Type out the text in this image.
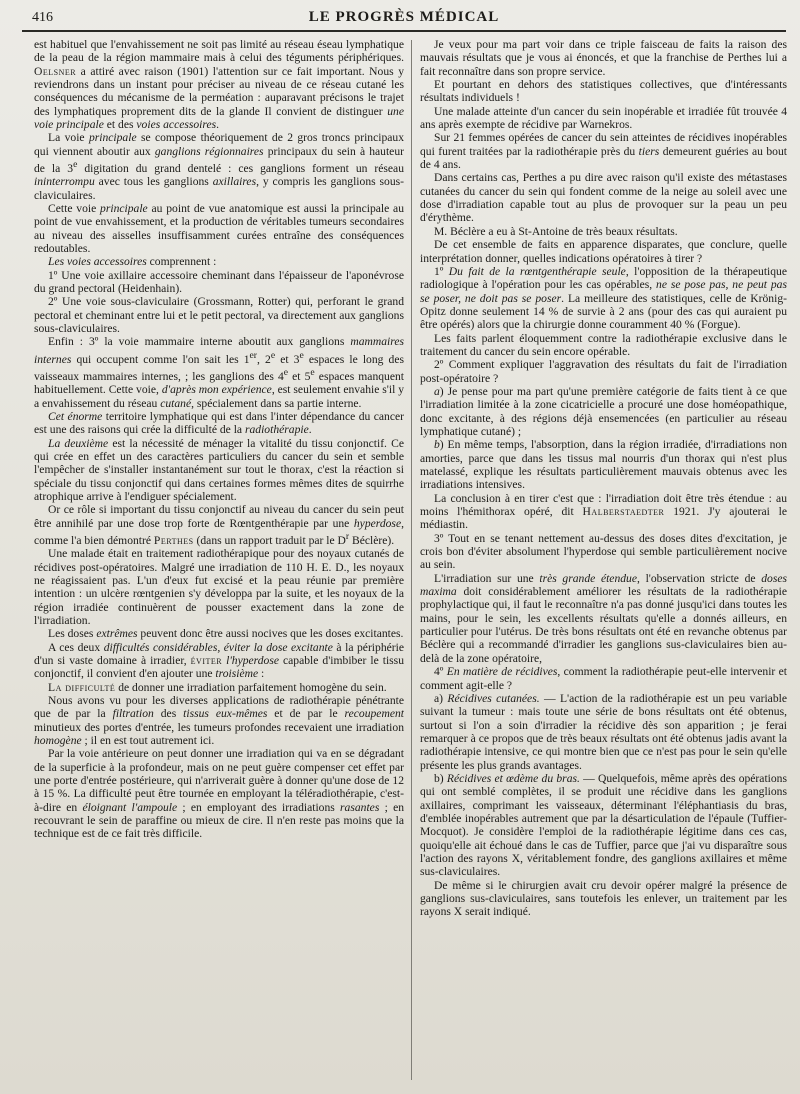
416	LE PROGRÈS MÉDICAL

est habituel que l'envahissement ne soit pas limité au réseau éseau lymphatique de la peau de la région mammaire mais à celui des téguments périphériques. Oelsner a attiré avec raison (1901) l'attention sur ce fait important. Nous y reviendrons dans un instant pour préciser au niveau de ce réseau cutané les conséquences du mécanisme de la perméation : auparavant précisons le trajet des lymphatiques proprement dits de la glande Il convient de distinguer une voie principale et des voies accessoires.

La voie principale se compose théoriquement de 2 gros troncs principaux qui viennent aboutir aux ganglions régionnaires principaux du sein à hauteur de la 3e digitation du grand dentelé : ces ganglions forment un réseau ininterrompu avec tous les ganglions axillaires, y compris les ganglions sous-claviculaires.

Cette voie principale au point de vue anatomique est aussi la principale au point de vue envahissement, et la production de véritables tumeurs secondaires au niveau des aisselles insuffisamment curées entraîne des conséquences redoutables.

Les voies accessoires comprennent :

1º Une voie axillaire accessoire cheminant dans l'épaisseur de l'aponévrose du grand pectoral (Heidenhain).

2º Une voie sous-claviculaire (Grossmann, Rotter) qui, perforant le grand pectoral et cheminant entre lui et le petit pectoral, va directement aux ganglions sous-claviculaires.

Enfin : 3º la voie mammaire interne aboutit aux ganglions mammaires internes qui occupent comme l'on sait les 1er, 2e et 3e espaces le long des vaisseaux mammaires internes, ; les ganglions des 4e et 5e espaces manquent habituellement. Cette voie, d'après mon expérience, est seulement envahie s'il y a envahissement du réseau cutané, spécialement dans sa partie interne.

Cet énorme territoire lymphatique qui est dans l'inter dépendance du cancer est une des raisons qui crée la difficulté de la radiothérapie.

La deuxième est la nécessité de ménager la vitalité du tissu conjonctif. Ce qui crée en effet un des caractères particuliers du cancer du sein et semble l'empêcher de s'installer instantanément sur tout le thorax, c'est la réaction si spéciale du tissu conjonctif qui dans certaines formes mêmes dites de squirrhe atrophique arrive à l'endiguer spécialement.

Or ce rôle si important du tissu conjonctif au niveau du cancer du sein peut être annihilé par une dose trop forte de Rœntgenthérapie par une hyperdose, comme l'a bien démontré Perthes (dans un rapport traduit par le $D^r$ Béclère).

Une malade était en traitement radiothérapique pour des noyaux cutanés de récidives post-opératoires. Malgré une irradiation de 110 H. E. D., les noyaux ne réagissaient pas. L'un d'eux fut excisé et la peau réunie par première intention : un ulcère rœntgenien s'y développa par la suite, et les noyaux de la région irradiée continuèrent de pousser exactement dans la zone de l'irradiation.

Les doses extrêmes peuvent donc être aussi nocives que les doses excitantes.

A ces deux difficultés considérables, éviter la dose excitante à la périphérie d'un si vaste domaine à irradier, éviter l'hyperdose capable d'imbiber le tissu conjonctif, il convient d'en ajouter une troisième :

La difficulté de donner une irradiation parfaitement homogène du sein.

Nous avons vu pour les diverses applications de radiothérapie pénétrante que de par la filtration des tissus eux-mêmes et de par le recoupement minutieux des portes d'entrée, les tumeurs profondes recevaient une irradiation homogène ; il en est tout autrement ici.

Par la voie antérieure on peut donner une irradiation qui va en se dégradant de la superficie à la profondeur, mais on ne peut guère compenser cet effet par une porte d'entrée postérieure, qui n'arriverait guère à donner qu'une dose de 12 à 15 %. La difficulté peut être tournée en employant la téléradiothérapie, c'est-à-dire en éloignant l'ampoule ; en employant des irradiations rasantes ; en recouvrant le sein de paraffine ou mieux de cire. Il n'en reste pas moins que la technique est de ce fait très difficile.

Je veux pour ma part voir dans ce triple faisceau de faits la raison des mauvais résultats que je vous ai énoncés, et que la franchise de Perthes lui a fait reconnaître dans son propre service.

Et pourtant en dehors des statistiques collectives, que d'intéressants résultats individuels !

Une malade atteinte d'un cancer du sein inopérable et irradiée fût trouvée 4 ans après exempte de récidive par Warnekros.

Sur 21 femmes opérées de cancer du sein atteintes de récidives inopérables qui furent traitées par la radiothérapie près du tiers demeurent guéries au bout de 4 ans.

Dans certains cas, Perthes a pu dire avec raison qu'il existe des métastases cutanées du cancer du sein qui fondent comme de la neige au soleil avec une dose d'irradiation capable tout au plus de provoquer sur la peau un peu d'érythème.

M. Béclère a eu à St-Antoine de très beaux résultats.

De cet ensemble de faits en apparence disparates, que conclure, quelle interprétation donner, quelles indications opératoires à tirer ?

1º Du fait de la rœntgenthérapie seule, l'opposition de la thérapeutique radiologique à l'opération pour les cas opérables, ne se pose pas, ne peut pas se poser, ne doit pas se poser. La meilleure des statistiques, celle de Krönig-Opitz donne seulement 14 % de survie à 2 ans (pour des cas qui auraient pu être opérés) alors que la chirurgie donne couramment 40 % (Forgue).

Les faits parlent éloquemment contre la radiothérapie exclusive dans le traitement du cancer du sein encore opérable.

2º Comment expliquer l'aggravation des résultats du fait de l'irradiation post-opératoire ?

a) Je pense pour ma part qu'une première catégorie de faits tient à ce que l'irradiation limitée à la zone cicatricielle a procuré une dose homéopathique, donc excitante, à des régions déjà ensemencées (en particulier au réseau lymphatique cutané) ;

b) En même temps, l'absorption, dans la région irradiée, d'irradiations non amorties, parce que dans les tissus mal nourris d'un thorax qui n'est plus matelassé, explique les résultats particulièrement mauvais obtenus avec les irradiations intensives.

La conclusion à en tirer c'est que : l'irradiation doit être très étendue : au moins l'hémithorax opéré, dit Halberstaedter 1921. J'y ajouterai le médiastin.

3º Tout en se tenant nettement au-dessus des doses dites d'excitation, je crois bon d'éviter absolument l'hyperdose qui semble particulièrement nocive au sein.

L'irradiation sur une très grande étendue, l'observation stricte de doses maxima doit considérablement améliorer les résultats de la radiothérapie prophylactique qui, il faut le reconnaître n'a pas donné jusqu'ici dans toutes les mains, pour le sein, les excellents résultats qu'elle a donnés ailleurs, en particulier pour l'utérus. De très bons résultats ont été en revanche obtenus par Béclère qui a recommandé d'irradier les ganglions sus-claviculaires bien au-delà de la zone opératoire,

4º En matière de récidives, comment la radiothérapie peut-elle intervenir et comment agit-elle ?

a) Récidives cutanées. — L'action de la radiothérapie est un peu variable suivant la tumeur : mais toute une série de bons résultats ont été obtenus, surtout si l'on a soin d'irradier la récidive dès son apparition ; je ferai remarquer à ce propos que de très beaux résultats ont été obtenus jadis avant la radiothérapie intensive, ce qui montre bien que ce n'est pas pour le sein qu'elle présente les plus grands avantages.

b) Récidives et œdème du bras. — Quelquefois, même après des opérations qui ont semblé complètes, il se produit une récidive dans les ganglions axillaires, comprimant les vaisseaux, déterminant l'éléphantiasis du bras, d'emblée inopérables autrement que par la désarticulation de l'épaule (Tuffier-Mocquot). Je considère l'emploi de la radiothérapie légitime dans ces cas, quoiqu'elle ait échoué dans le cas de Tuffier, parce que j'ai vu disparaître sous l'action des rayons X, véritablement fondre, des ganglions axillaires et même sus-claviculaires.

De même si le chirurgien avait cru devoir opérer malgré la présence de ganglions sus-claviculaires, sans toutefois les enlever, un traitement par les rayons X serait indiqué.
